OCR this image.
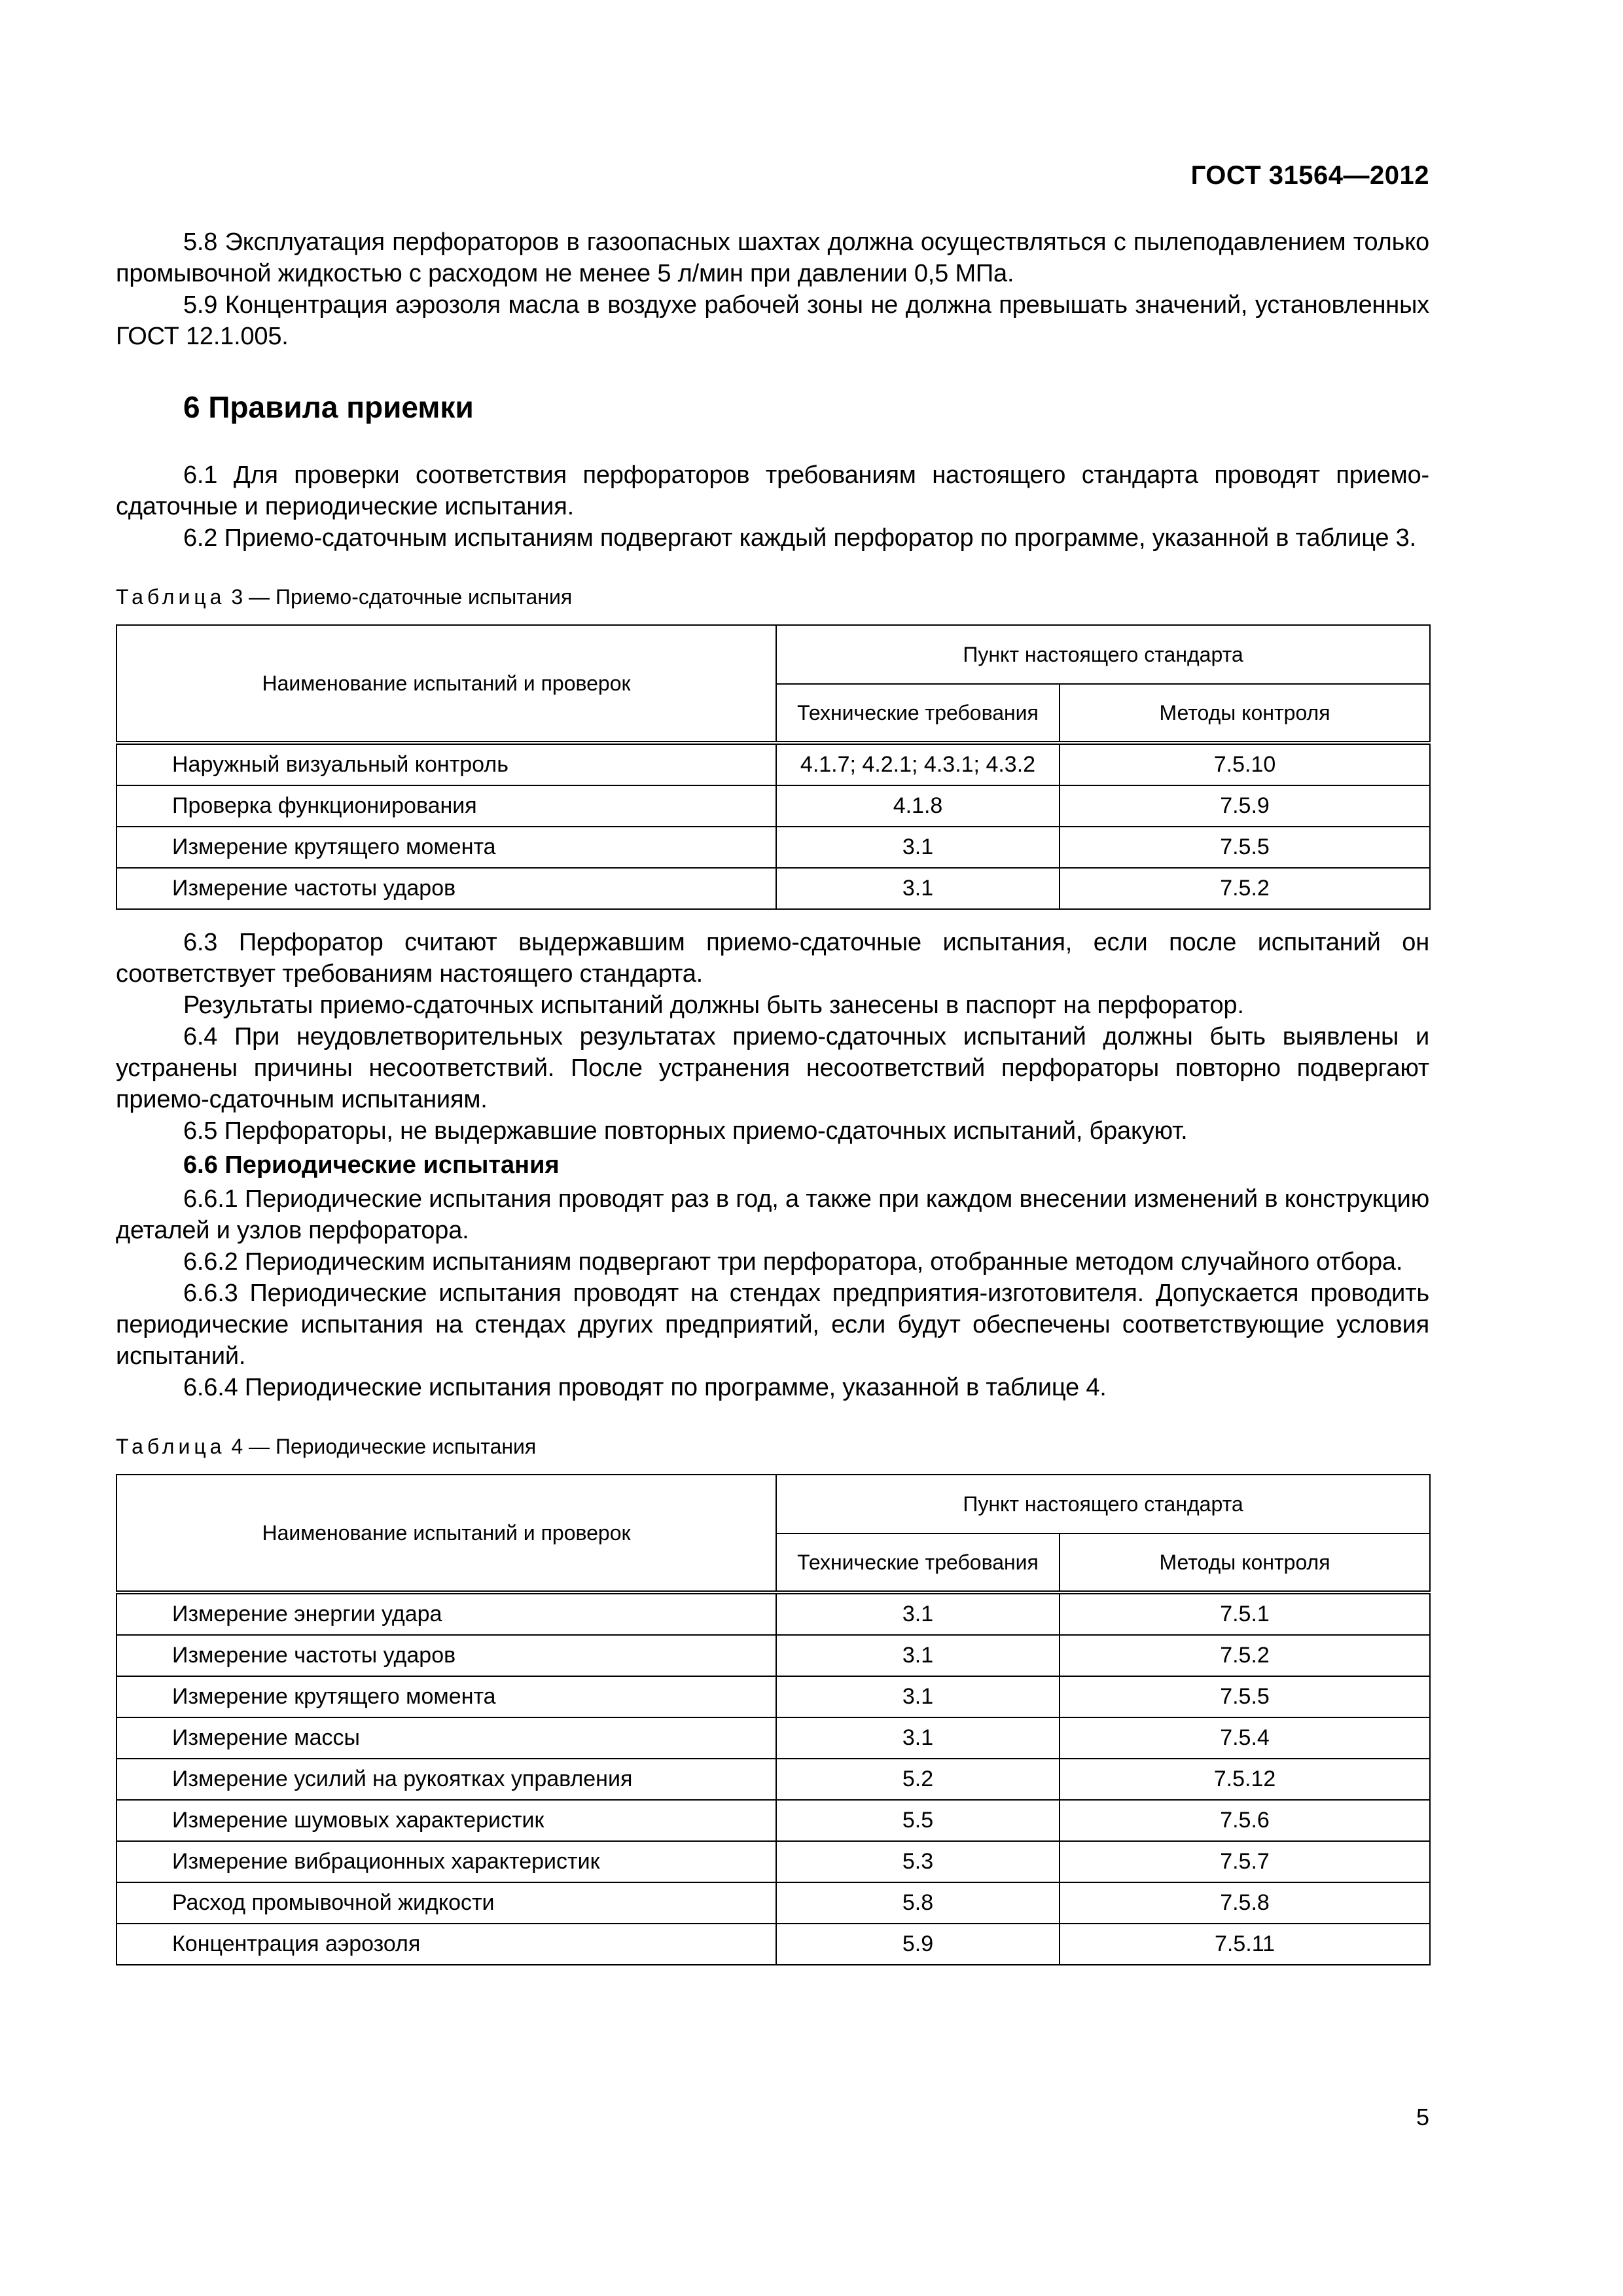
ГОСТ 31564—2012

5.8 Эксплуатация перфораторов в газоопасных шахтах должна осуществляться с пылеподавлением только промывочной жидкостью с расходом не менее 5 л/мин при давлении 0,5 МПа.

5.9 Концентрация аэрозоля масла в воздухе рабочей зоны не должна превышать значений, установленных ГОСТ 12.1.005.

6 Правила приемки

6.1 Для проверки соответствия перфораторов требованиям настоящего стандарта проводят приемо-сдаточные и периодические испытания.

6.2 Приемо-сдаточным испытаниям подвергают каждый перфоратор по программе, указанной в таблице 3.

Таблица 3 — Приемо-сдаточные испытания
Наименование испытаний и проверок	Пункт настоящего стандарта	
	Технические требования	Методы контроля
Наружный визуальный контроль	4.1.7; 4.2.1; 4.3.1; 4.3.2	7.5.10
Проверка функционирования	4.1.8	7.5.9
Измерение крутящего момента	3.1	7.5.5
Измерение частоты ударов	3.1	7.5.2

6.3 Перфоратор считают выдержавшим приемо-сдаточные испытания, если после испытаний он соответствует требованиям настоящего стандарта.

Результаты приемо-сдаточных испытаний должны быть занесены в паспорт на перфоратор.

6.4 При неудовлетворительных результатах приемо-сдаточных испытаний должны быть выявлены и устранены причины несоответствий. После устранения несоответствий перфораторы повторно подвергают приемо-сдаточным испытаниям.

6.5 Перфораторы, не выдержавшие повторных приемо-сдаточных испытаний, бракуют.

6.6 Периодические испытания

6.6.1 Периодические испытания проводят раз в год, а также при каждом внесении изменений в конструкцию деталей и узлов перфоратора.

6.6.2 Периодическим испытаниям подвергают три перфоратора, отобранные методом случайного отбора.

6.6.3 Периодические испытания проводят на стендах предприятия-изготовителя. Допускается проводить периодические испытания на стендах других предприятий, если будут обеспечены соответствующие условия испытаний.

6.6.4 Периодические испытания проводят по программе, указанной в таблице 4.

Таблица 4 — Периодические испытания
Наименование испытаний и проверок	Пункт настоящего стандарта	
	Технические требования	Методы контроля
Измерение энергии удара	3.1	7.5.1
Измерение частоты ударов	3.1	7.5.2
Измерение крутящего момента	3.1	7.5.5
Измерение массы	3.1	7.5.4
Измерение усилий на рукоятках управления	5.2	7.5.12
Измерение шумовых характеристик	5.5	7.5.6
Измерение вибрационных характеристик	5.3	7.5.7
Расход промывочной жидкости	5.8	7.5.8
Концентрация аэрозоля	5.9	7.5.11
5
